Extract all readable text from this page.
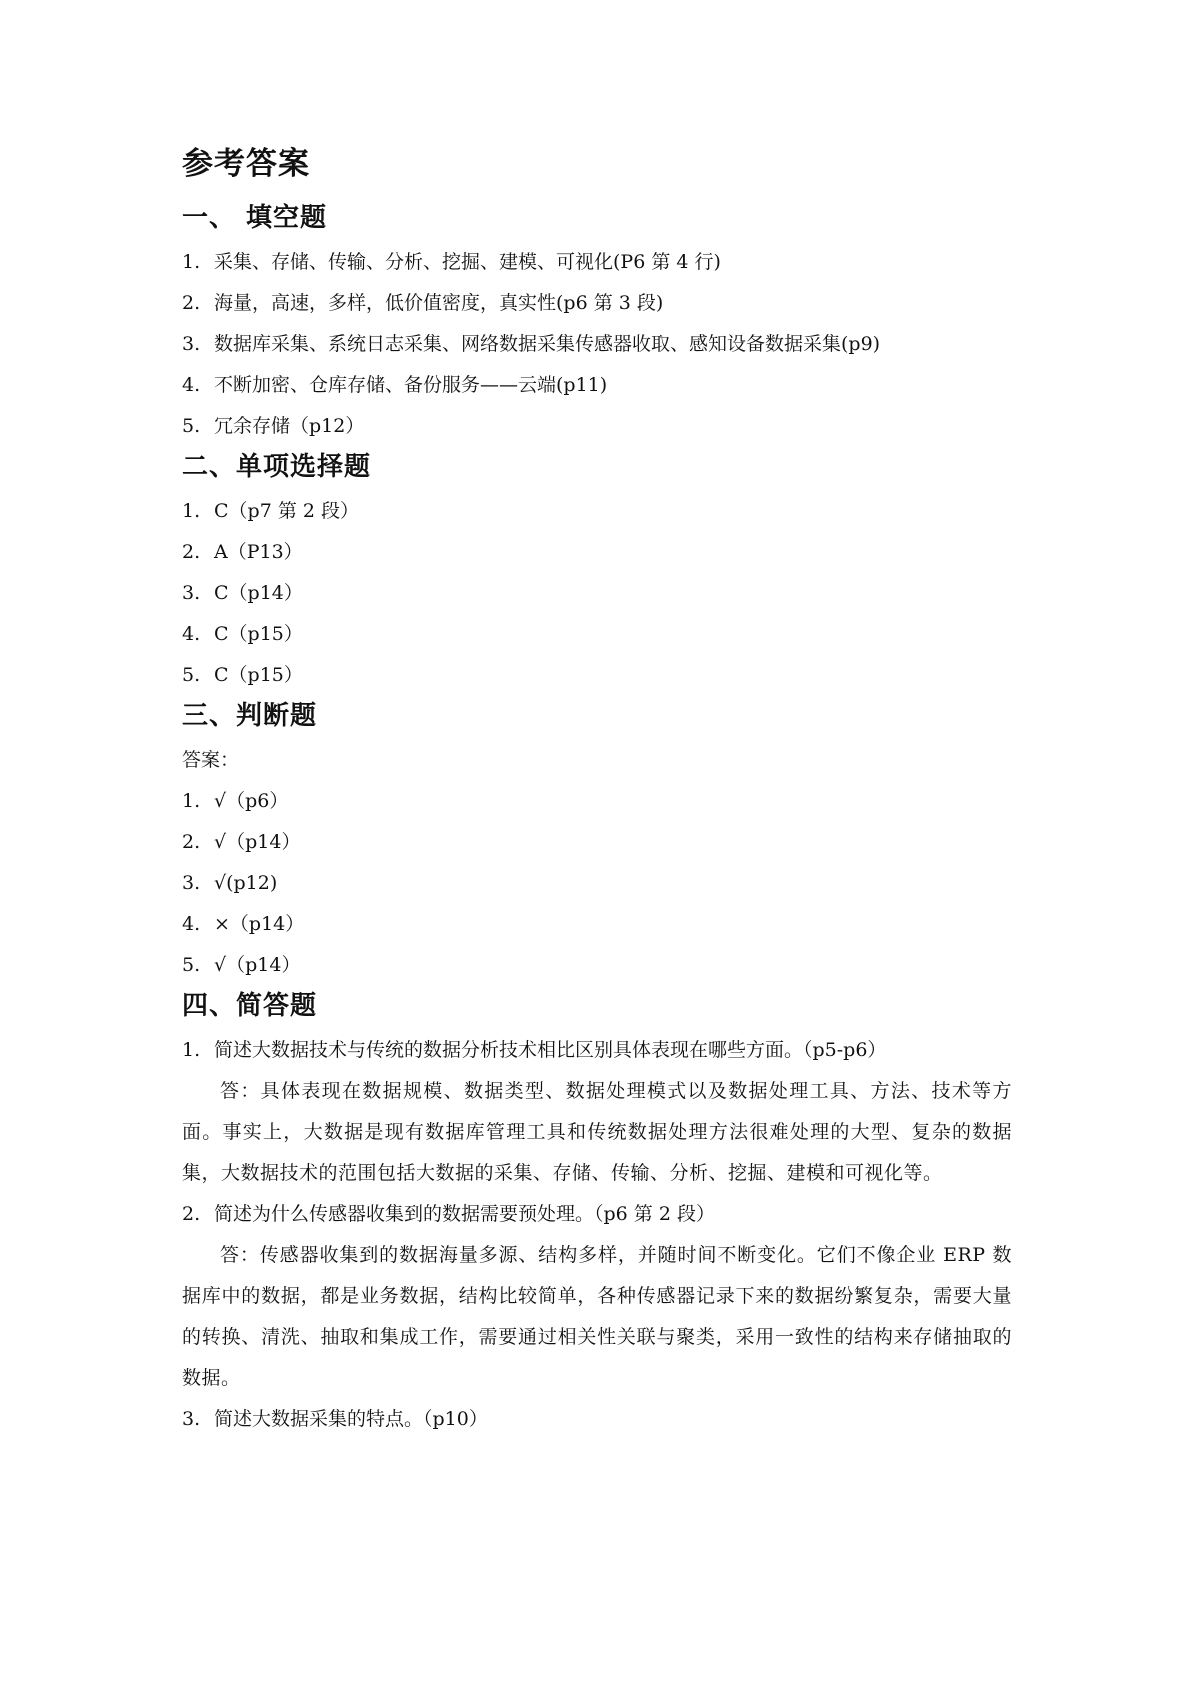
参考答案
一、 填空题

1. 采集、存储、传输、分析、挖掘、建模、可视化(P6 第 4 行)

2. 海量，高速，多样，低价值密度，真实性(p6 第 3 段)

3. 数据库采集、系统日志采集、网络数据采集传感器收取、感知设备数据采集(p9)

4. 不断加密、仓库存储、备份服务——云端(p11)

5. 冗余存储（p12）

二、单项选择题

1. C（p7 第 2 段）

2. A（P13）

3. C（p14）

4. C（p15）

5. C（p15）

三、判断题

答案：

1. √（p6）

2. √（p14）

3. √(p12)

4. ×（p14）

5. √（p14）

四、简答题

1. 简述大数据技术与传统的数据分析技术相比区别具体表现在哪些方面。（p5-p6）

答：具体表现在数据规模、数据类型、数据处理模式以及数据处理工具、方法、技术等方面。事实上，大数据是现有数据库管理工具和传统数据处理方法很难处理的大型、复杂的数据集，大数据技术的范围包括大数据的采集、存储、传输、分析、挖掘、建模和可视化等。

2. 简述为什么传感器收集到的数据需要预处理。（p6 第 2 段）

答：传感器收集到的数据海量多源、结构多样，并随时间不断变化。它们不像企业 ERP 数据库中的数据，都是业务数据，结构比较简单，各种传感器记录下来的数据纷繁复杂，需要大量的转换、清洗、抽取和集成工作，需要通过相关性关联与聚类，采用一致性的结构来存储抽取的数据。

3. 简述大数据采集的特点。（p10）
